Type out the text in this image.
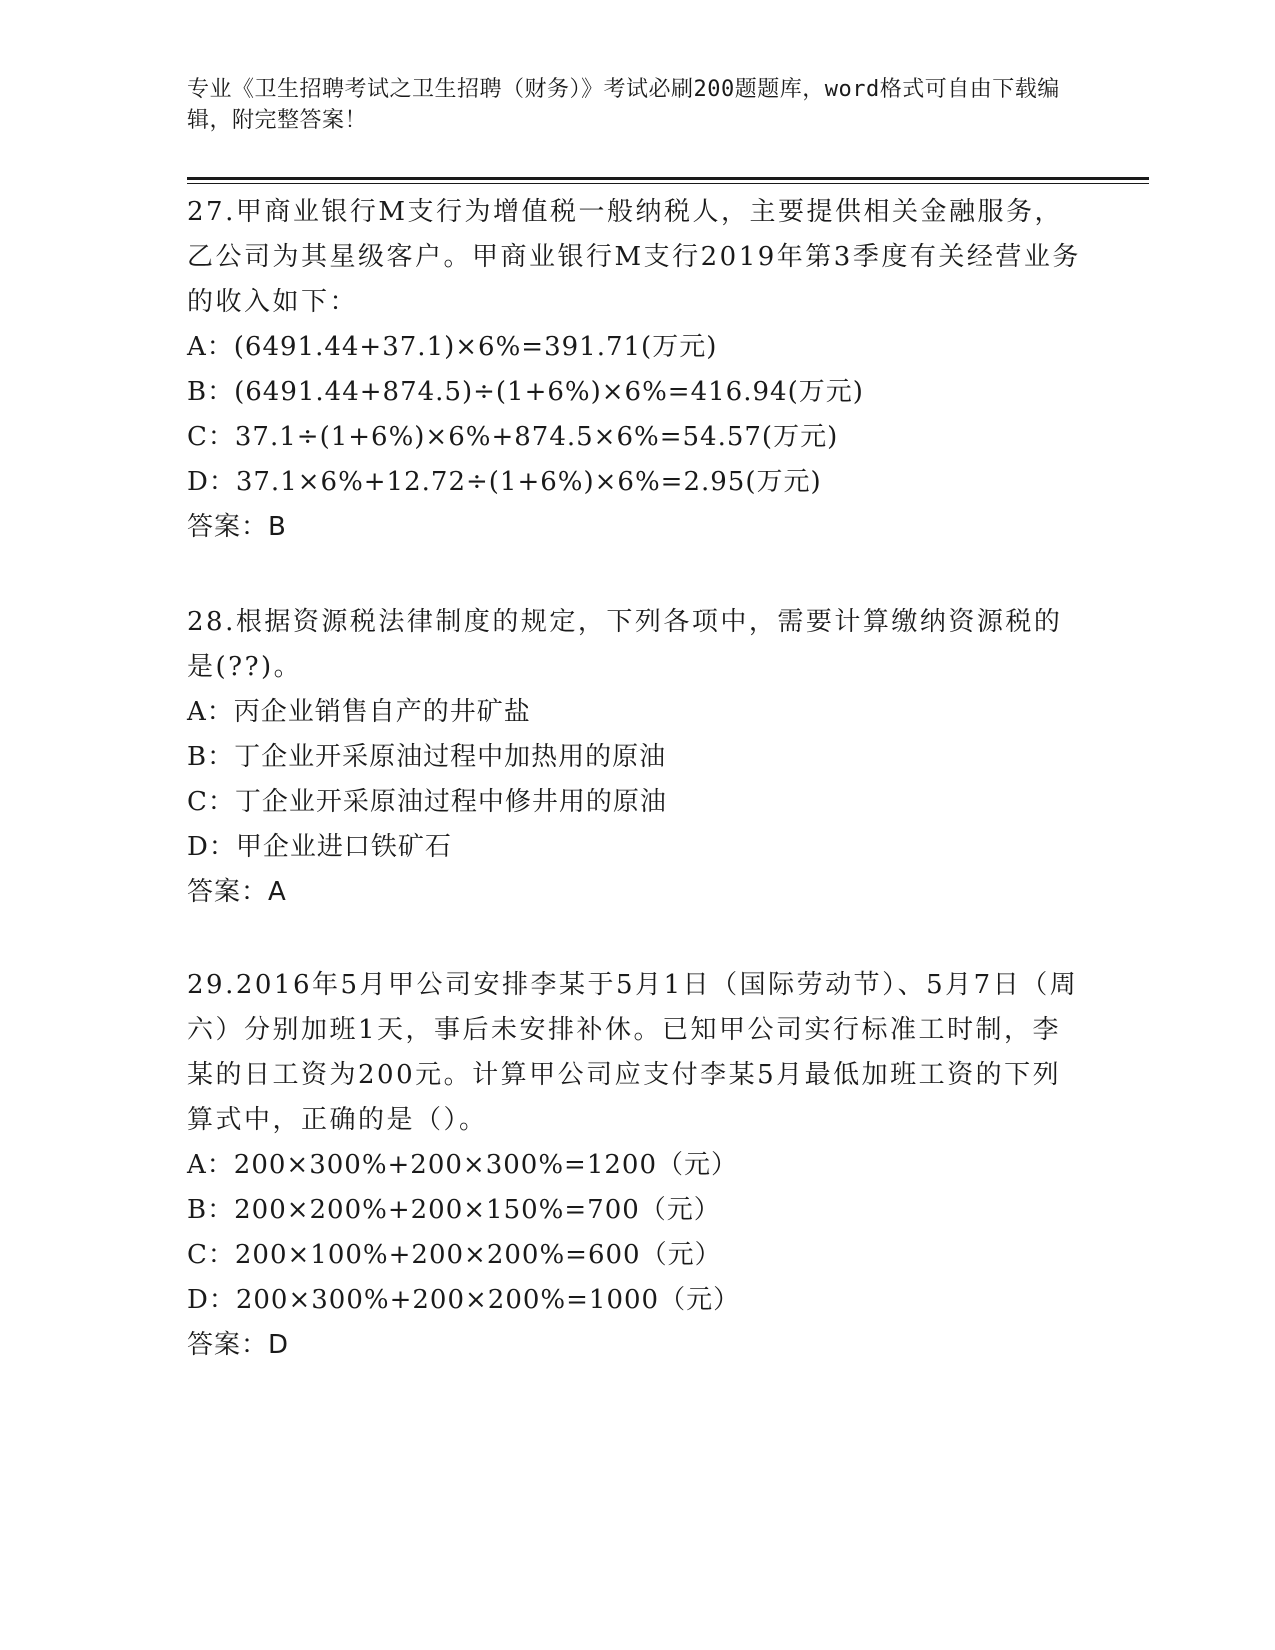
专业《卫生招聘考试之卫生招聘（财务）》考试必刷200题题库，word格式可自由下载编辑，附完整答案！
27.甲商业银行M支行为增值税一般纳税人，主要提供相关金融服务，乙公司为其星级客户。甲商业银行M支行2019年第3季度有关经营业务的收入如下：
A：(6491.44+37.1)×6%=391.71(万元)
B：(6491.44+874.5)÷(1+6%)×6%=416.94(万元)
C：37.1÷(1+6%)×6%+874.5×6%=54.57(万元)
D：37.1×6%+12.72÷(1+6%)×6%=2.95(万元)
答案：B
28.根据资源税法律制度的规定，下列各项中，需要计算缴纳资源税的是(??)。
A：丙企业销售自产的井矿盐
B：丁企业开采原油过程中加热用的原油
C：丁企业开采原油过程中修井用的原油
D：甲企业进口铁矿石
答案：A
29.2016年5月甲公司安排李某于5月1日（国际劳动节）、5月7日（周六）分别加班1天，事后未安排补休。已知甲公司实行标准工时制，李某的日工资为200元。计算甲公司应支付李某5月最低加班工资的下列算式中，正确的是（）。
A：200×300%+200×300%=1200（元）
B：200×200%+200×150%=700（元）
C：200×100%+200×200%=600（元）
D：200×300%+200×200%=1000（元）
答案：D
